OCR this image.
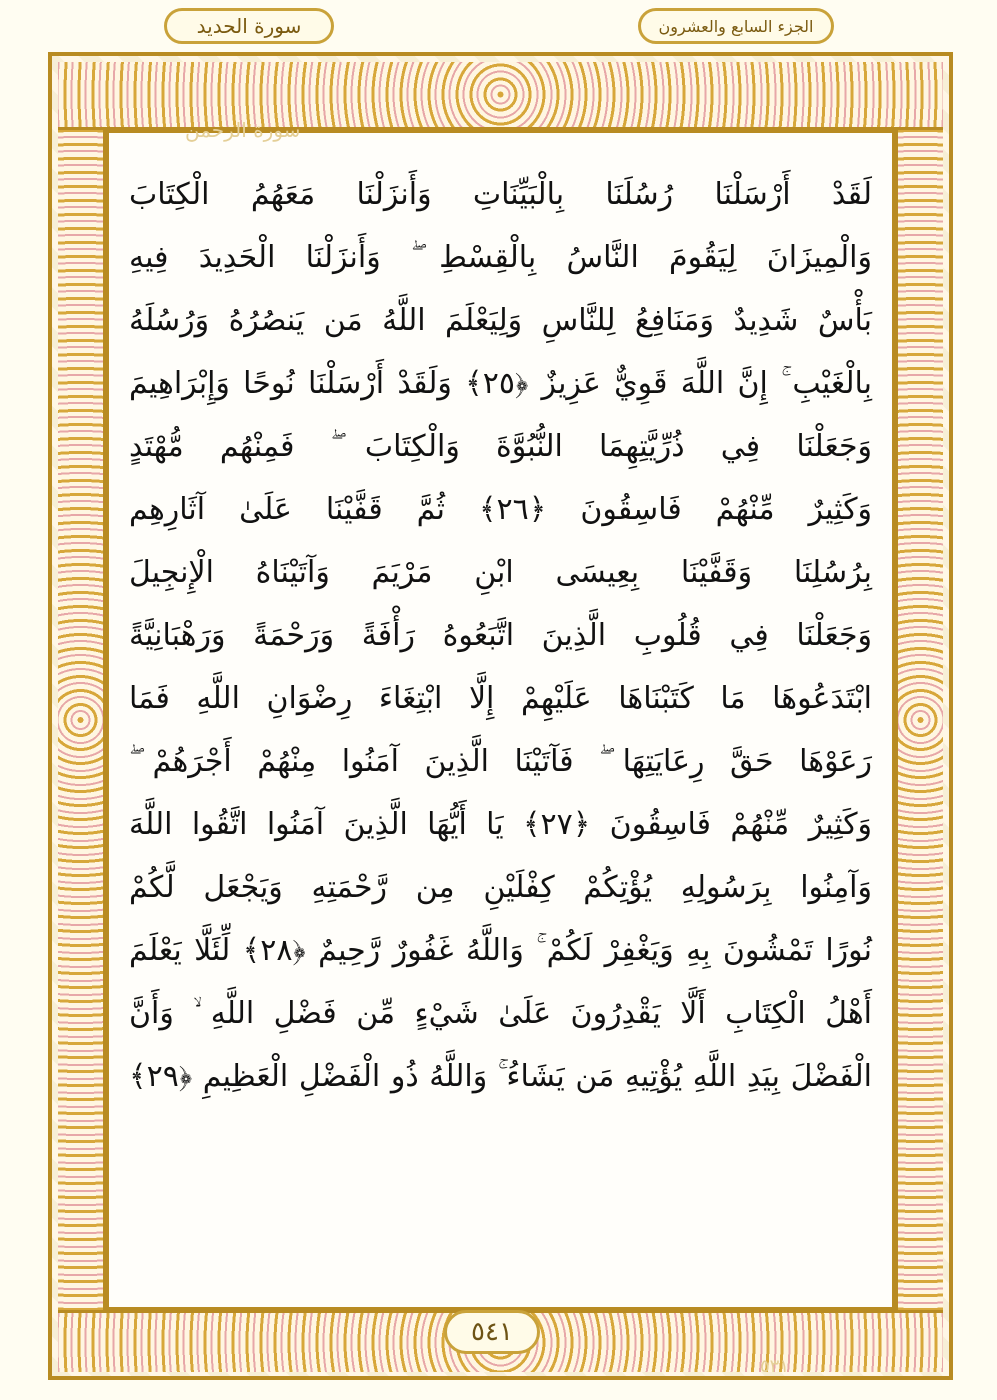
سورة الحديد	الجزء السابع والعشرون
لَقَدْ أَرْسَلْنَا رُسُلَنَا بِالْبَيِّنَاتِ وَأَنزَلْنَا مَعَهُمُ الْكِتَابَ
وَالْمِيزَانَ لِيَقُومَ النَّاسُ بِالْقِسْطِ ۖ وَأَنزَلْنَا الْحَدِيدَ فِيهِ
بَأْسٌ شَدِيدٌ وَمَنَافِعُ لِلنَّاسِ وَلِيَعْلَمَ اللَّهُ مَن يَنصُرُهُ وَرُسُلَهُ
بِالْغَيْبِ ۚ إِنَّ اللَّهَ قَوِيٌّ عَزِيزٌ ﴿٢٥﴾ وَلَقَدْ أَرْسَلْنَا نُوحًا وَإِبْرَاهِيمَ
وَجَعَلْنَا فِي ذُرِّيَّتِهِمَا النُّبُوَّةَ وَالْكِتَابَ ۖ فَمِنْهُم مُّهْتَدٍ
وَكَثِيرٌ مِّنْهُمْ فَاسِقُونَ ﴿٢٦﴾ ثُمَّ قَفَّيْنَا عَلَىٰ آثَارِهِم
بِرُسُلِنَا وَقَفَّيْنَا بِعِيسَى ابْنِ مَرْيَمَ وَآتَيْنَاهُ الْإِنجِيلَ
وَجَعَلْنَا فِي قُلُوبِ الَّذِينَ اتَّبَعُوهُ رَأْفَةً وَرَحْمَةً وَرَهْبَانِيَّةً
ابْتَدَعُوهَا مَا كَتَبْنَاهَا عَلَيْهِمْ إِلَّا ابْتِغَاءَ رِضْوَانِ اللَّهِ فَمَا
رَعَوْهَا حَقَّ رِعَايَتِهَا ۖ فَآتَيْنَا الَّذِينَ آمَنُوا مِنْهُمْ أَجْرَهُمْ ۖ
وَكَثِيرٌ مِّنْهُمْ فَاسِقُونَ ﴿٢٧﴾ يَا أَيُّهَا الَّذِينَ آمَنُوا اتَّقُوا اللَّهَ
وَآمِنُوا بِرَسُولِهِ يُؤْتِكُمْ كِفْلَيْنِ مِن رَّحْمَتِهِ وَيَجْعَل لَّكُمْ
نُورًا تَمْشُونَ بِهِ وَيَغْفِرْ لَكُمْ ۚ وَاللَّهُ غَفُورٌ رَّحِيمٌ ﴿٢٨﴾ لِّئَلَّا يَعْلَمَ
أَهْلُ الْكِتَابِ أَلَّا يَقْدِرُونَ عَلَىٰ شَيْءٍ مِّن فَضْلِ اللَّهِ ۙ وَأَنَّ
الْفَضْلَ بِيَدِ اللَّهِ يُؤْتِيهِ مَن يَشَاءُ ۚ وَاللَّهُ ذُو الْفَضْلِ الْعَظِيمِ ﴿٢٩﴾
سورة الرحمن
٥٤١
٥٣١
